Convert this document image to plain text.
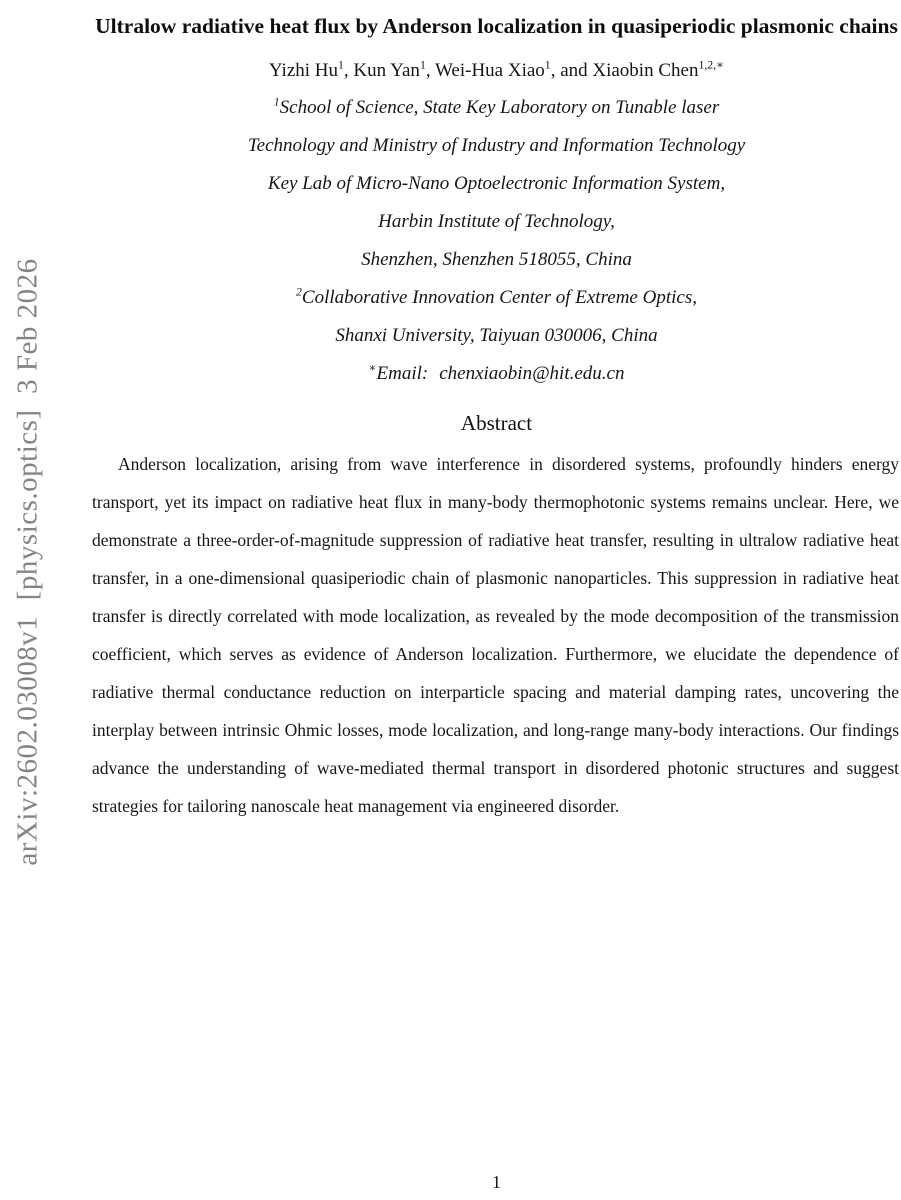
arXiv:2602.03008v1  [physics.optics]  3 Feb 2026
Ultralow radiative heat flux by Anderson localization in quasiperiodic plasmonic chains
Yizhi Hu$^1$, Kun Yan$^1$, Wei-Hua Xiao$^1$, and Xiaobin Chen$^{1,2,∗}$
$^1$School of Science, State Key Laboratory on Tunable laser
Technology and Ministry of Industry and Information Technology
Key Lab of Micro-Nano Optoelectronic Information System,
Harbin Institute of Technology,
Shenzhen, Shenzhen 518055, China
$^2$Collaborative Innovation Center of Extreme Optics,
Shanxi University, Taiyuan 030006, China
∗Email: chenxiaobin@hit.edu.cn
Abstract

Anderson localization, arising from wave interference in disordered systems, profoundly hinders energy transport, yet its impact on radiative heat flux in many-body thermophotonic systems remains unclear. Here, we demonstrate a three-order-of-magnitude suppression of radiative heat transfer, resulting in ultralow radiative heat transfer, in a one-dimensional quasiperiodic chain of plasmonic nanoparticles. This suppression in radiative heat transfer is directly correlated with mode localization, as revealed by the mode decomposition of the transmission coefficient, which serves as evidence of Anderson localization. Furthermore, we elucidate the dependence of radiative thermal conductance reduction on interparticle spacing and material damping rates, uncovering the interplay between intrinsic Ohmic losses, mode localization, and long-range many-body interactions. Our findings advance the understanding of wave-mediated thermal transport in disordered photonic structures and suggest strategies for tailoring nanoscale heat management via engineered disorder.

1
